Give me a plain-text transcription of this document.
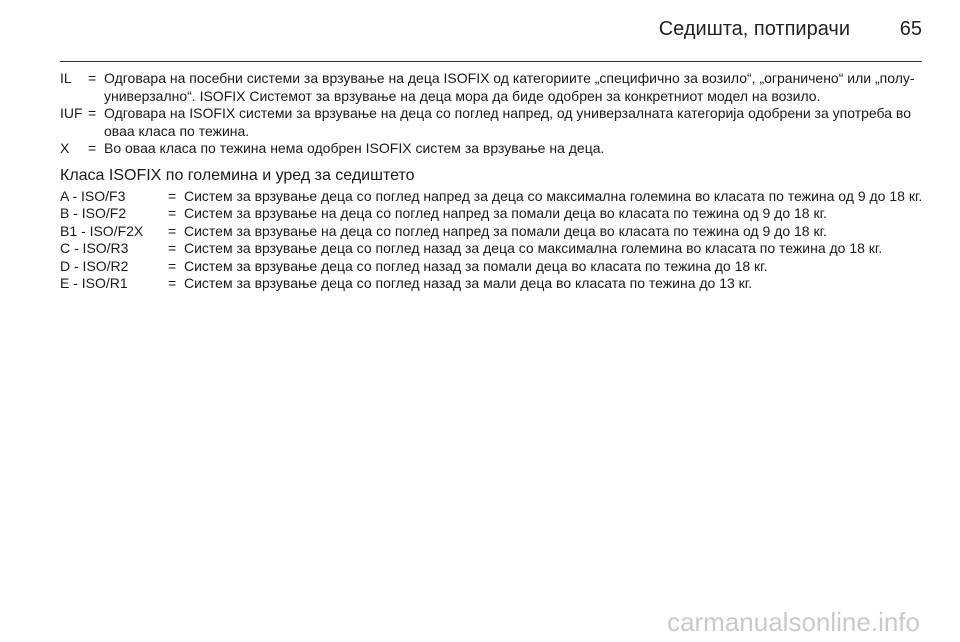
Седишта, потпирачи	65
IL	= Одговара на посебни системи за врзување на деца ISOFIX од категориите „специфично за возило“, „ограничено“ или „полу-универзално“. ISOFIX Системот за врзување на деца мора да биде одобрен за конкретниот модел на возило.
IUF = Одговара на ISOFIX системи за врзување на деца со поглед напред, од универзалната категорија одобрени за употреба во оваа класа по тежина.
X	= Во оваа класа по тежина нема одобрен ISOFIX систем за врзување на деца.
Класа ISOFIX по големина и уред за седиштето
A - ISO/F3	= Систем за врзување деца со поглед напред за деца со максимална големина во класата по тежина од 9 до 18 кг.
B - ISO/F2	= Систем за врзување на деца со поглед напред за помали деца во класата по тежина од 9 до 18 кг.
B1 - ISO/F2X	= Систем за врзување на деца со поглед напред за помали деца во класата по тежина од 9 до 18 кг.
C - ISO/R3	= Систем за врзување деца со поглед назад за деца со максимална големина во класата по тежина до 18 кг.
D - ISO/R2	= Систем за врзување деца со поглед назад за помали деца во класата по тежина до 18 кг.
E - ISO/R1	= Систем за врзување деца со поглед назад за мали деца во класата по тежина до 13 кг.
carmanualsonline.info
